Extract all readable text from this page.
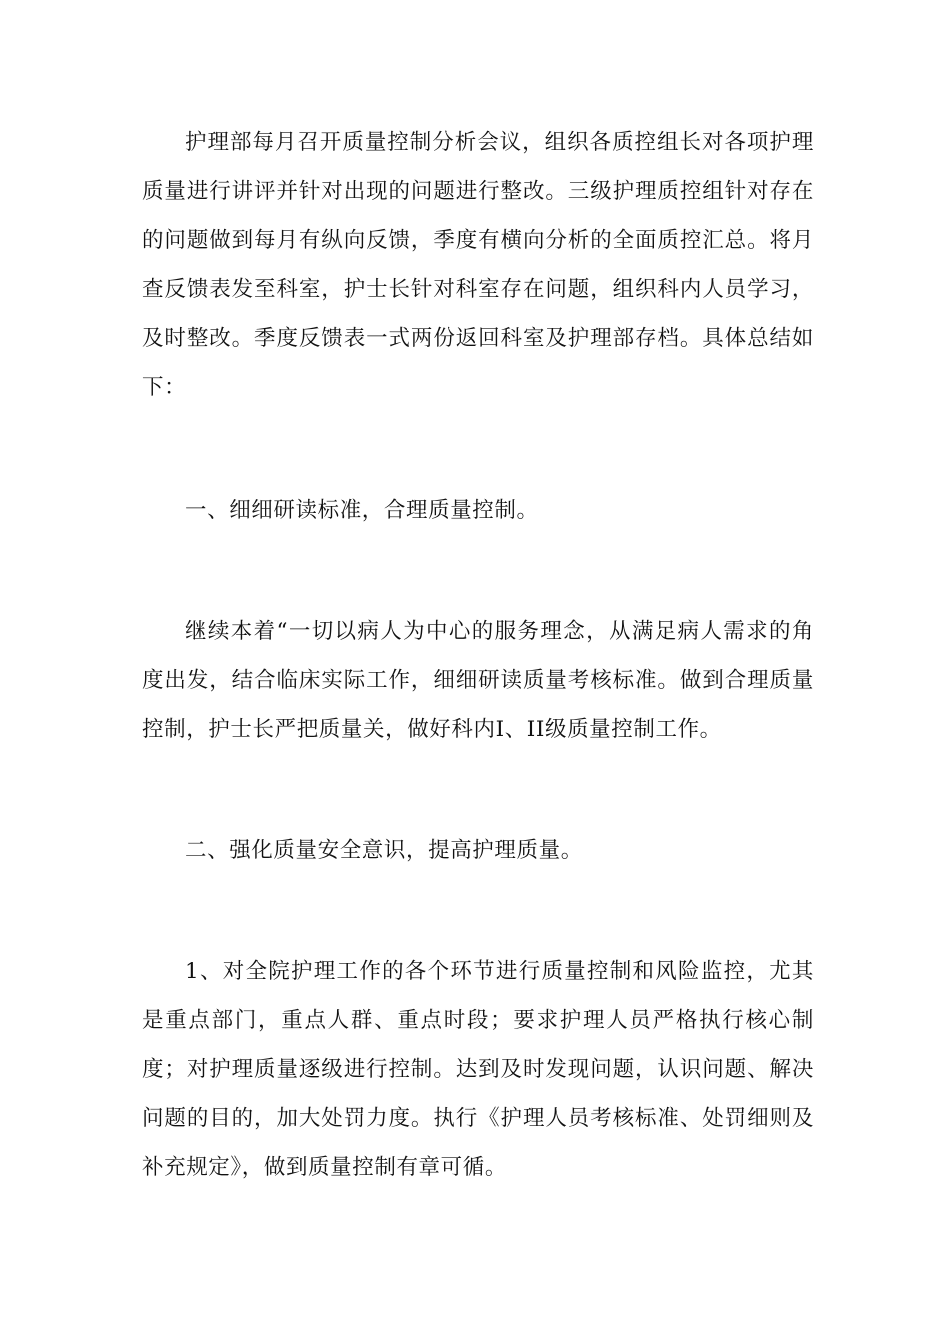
护理部每月召开质量控制分析会议，组织各质控组长对各项护理质量进行讲评并针对出现的问题进行整改。三级护理质控组针对存在的问题做到每月有纵向反馈，季度有横向分析的全面质控汇总。将月查反馈表发至科室，护士长针对科室存在问题，组织科内人员学习，及时整改。季度反馈表一式两份返回科室及护理部存档。具体总结如下：

一、细细研读标准，合理质量控制。

继续本着“一切以病人为中心的服务理念，从满足病人需求的角度出发，结合临床实际工作，细细研读质量考核标准。做到合理质量控制，护士长严把质量关，做好科内I、II级质量控制工作。

二、强化质量安全意识，提高护理质量。

1、对全院护理工作的各个环节进行质量控制和风险监控，尤其是重点部门，重点人群、重点时段；要求护理人员严格执行核心制度；对护理质量逐级进行控制。达到及时发现问题，认识问题、解决问题的目的，加大处罚力度。执行《护理人员考核标准、处罚细则及补充规定》，做到质量控制有章可循。
